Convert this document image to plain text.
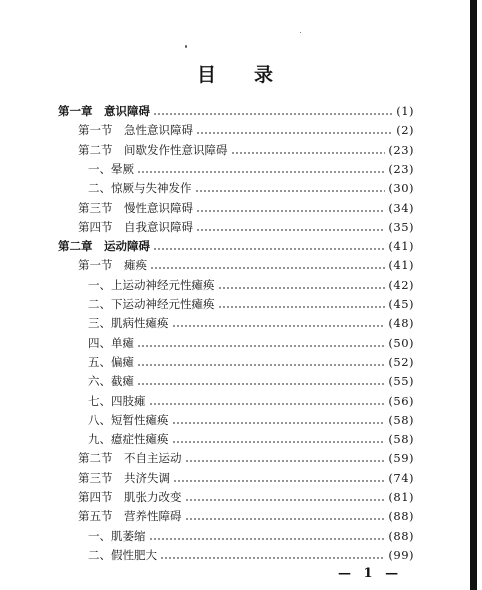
目 录
第一章　意识障碍	(1)
第一节　急性意识障碍	(2)
第二节　间歇发作性意识障碍	(23)
一、晕厥	(23)
二、惊厥与失神发作	(30)
第三节　慢性意识障碍	(34)
第四节　自我意识障碍	(35)
第二章　运动障碍	(41)
第一节　瘫痪	(41)
一、上运动神经元性瘫痪	(42)
二、下运动神经元性瘫痪	(45)
三、肌病性瘫痪	(48)
四、单瘫	(50)
五、偏瘫	(52)
六、截瘫	(55)
七、四肢瘫	(56)
八、短暂性瘫痪	(58)
九、癔症性瘫痪	(58)
第二节　不自主运动	(59)
第三节　共济失调	(74)
第四节　肌张力改变	(81)
第五节　营养性障碍	(88)
一、肌萎缩	(88)
二、假性肥大	(99)
— 1 —
